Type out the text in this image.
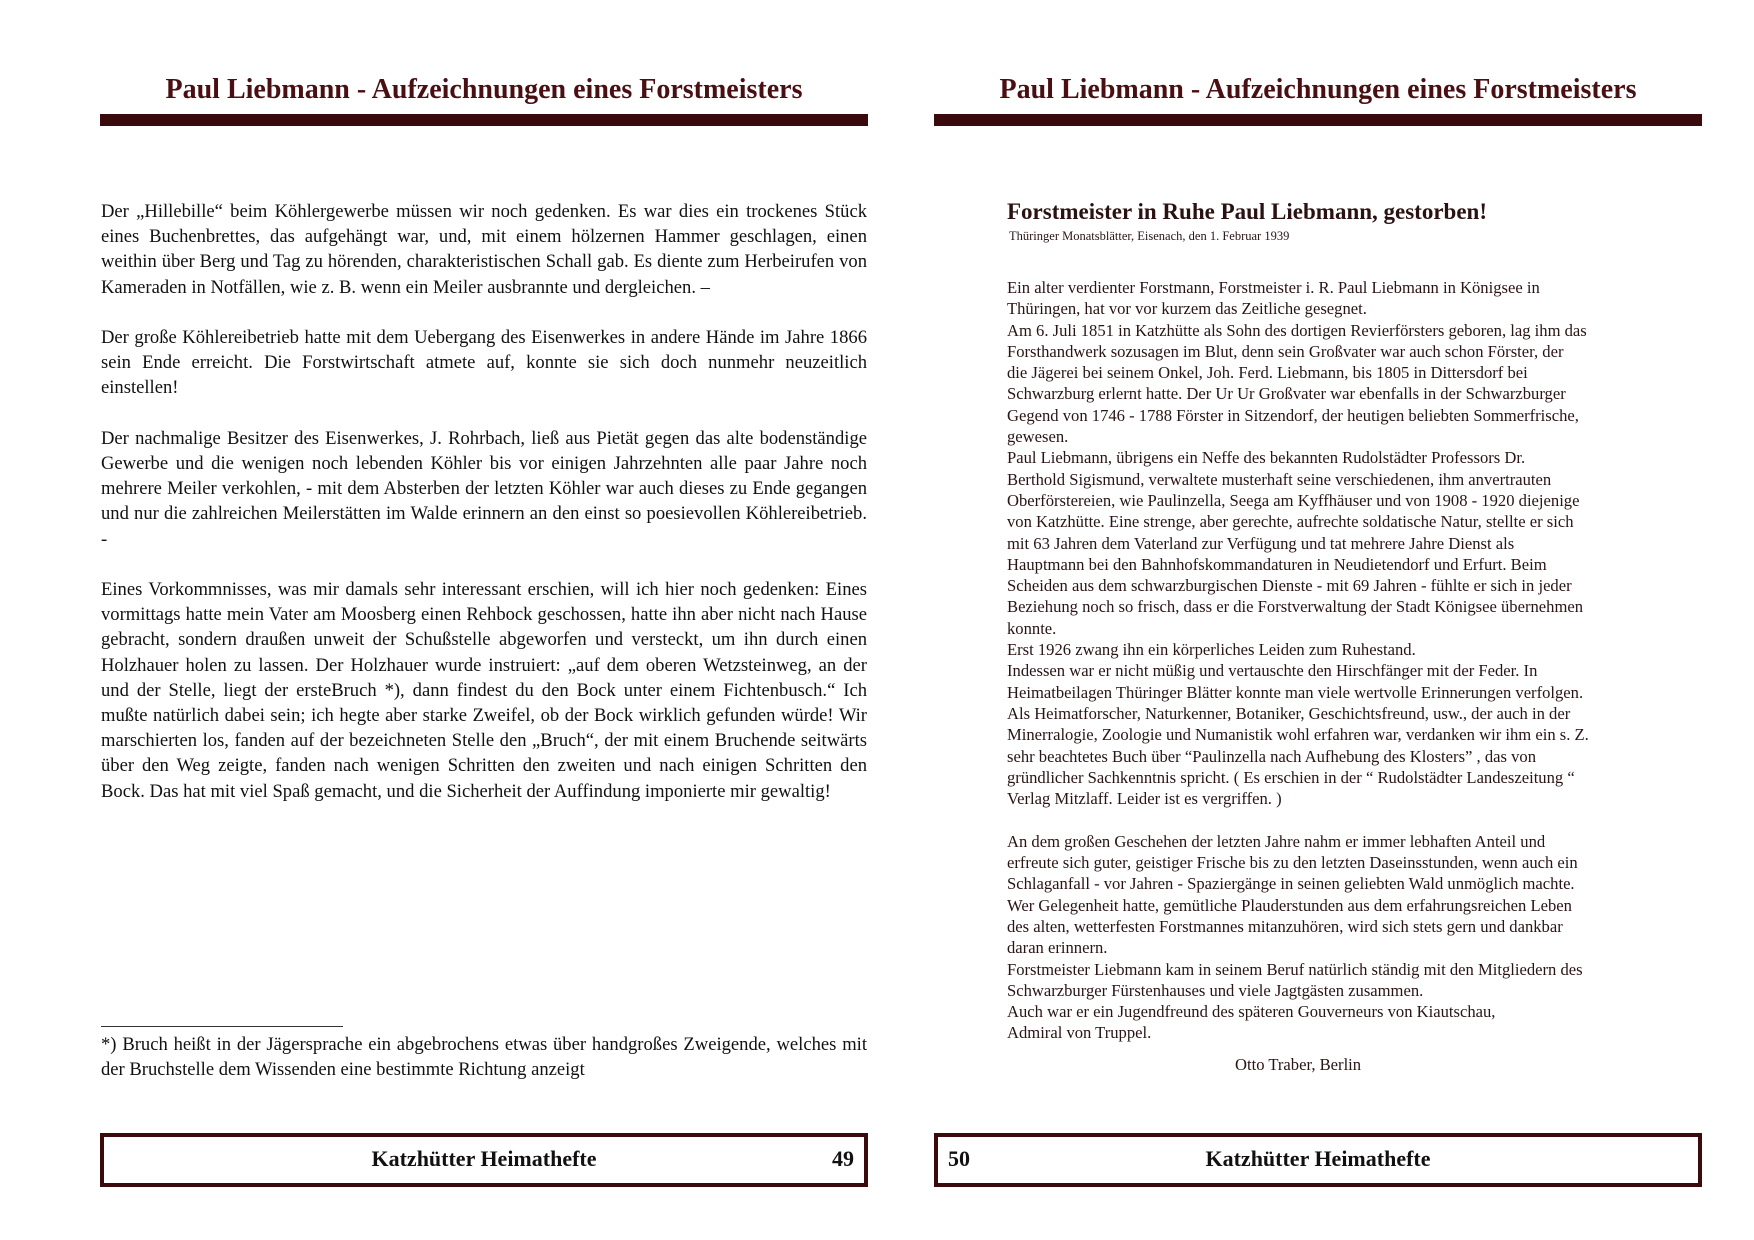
Paul Liebmann - Aufzeichnungen eines Forstmeisters

Der „Hillebille“ beim Köhlergewerbe müssen wir noch gedenken. Es war dies ein trockenes Stück eines Buchenbrettes, das aufgehängt war, und, mit einem hölzernen Hammer geschlagen, einen weithin über Berg und Tag zu hörenden, charakteristischen Schall gab. Es diente zum Herbeirufen von Kameraden in Notfällen, wie z. B. wenn ein Meiler ausbrannte und dergleichen. –

Der große Köhlereibetrieb hatte mit dem Uebergang des Eisenwerkes in andere Hände im Jahre 1866 sein Ende erreicht. Die Forstwirtschaft atmete auf, konnte sie sich doch nunmehr neuzeitlich einstellen!

Der nachmalige Besitzer des Eisenwerkes, J. Rohrbach, ließ aus Pietät gegen das alte bodenständige Gewerbe und die wenigen noch lebenden Köhler bis vor einigen Jahrzehnten alle paar Jahre noch mehrere Meiler verkohlen, - mit dem Absterben der letzten Köhler war auch dieses zu Ende gegangen und nur die zahlreichen Meilerstätten im Walde erinnern an den einst so poesievollen Köhlereibetrieb. -

Eines Vorkommnisses, was mir damals sehr interessant erschien, will ich hier noch gedenken: Eines vormittags hatte mein Vater am Moosberg einen Rehbock geschossen, hatte ihn aber nicht nach Hause gebracht, sondern draußen unweit der Schußstelle abgeworfen und versteckt, um ihn durch einen Holzhauer holen zu lassen. Der Holzhauer wurde instruiert: „auf dem oberen Wetzsteinweg, an der und der Stelle, liegt der ersteBruch *), dann findest du den Bock unter einem Fichtenbusch.“ Ich mußte natürlich dabei sein; ich hegte aber starke Zweifel, ob der Bock wirklich gefunden würde! Wir marschierten los, fanden auf der bezeichneten Stelle den „Bruch“, der mit einem Bruchende seitwärts über den Weg zeigte, fanden nach wenigen Schritten den zweiten und nach einigen Schritten den Bock. Das hat mit viel Spaß gemacht, und die Sicherheit der Auffindung imponierte mir gewaltig!

*) Bruch heißt in der Jägersprache ein abgebrochens etwas über handgroßes Zweigende, welches mit der Bruchstelle dem Wissenden eine bestimmte Richtung anzeigt

Katzhütter Heimathefte	49
Paul Liebmann - Aufzeichnungen eines Forstmeisters
Forstmeister in Ruhe Paul Liebmann, gestorben!
Thüringer Monatsblätter, Eisenach, den 1. Februar 1939
Ein alter verdienter Forstmann, Forstmeister i. R. Paul Liebmann in Königsee in
Thüringen, hat vor vor kurzem das Zeitliche gesegnet.
Am 6. Juli 1851 in Katzhütte als Sohn des dortigen Revierförsters geboren, lag ihm das
Forsthandwerk sozusagen im Blut, denn sein Großvater war auch schon Förster, der
die Jägerei bei seinem Onkel, Joh. Ferd. Liebmann, bis 1805 in Dittersdorf bei
Schwarzburg erlernt hatte. Der Ur Ur Großvater war ebenfalls in der Schwarzburger
Gegend von 1746 - 1788 Förster in Sitzendorf, der heutigen beliebten Sommerfrische,
gewesen.
Paul Liebmann, übrigens ein Neffe des bekannten Rudolstädter Professors Dr.
Berthold Sigismund, verwaltete musterhaft seine verschiedenen, ihm anvertrauten
Oberförstereien, wie Paulinzella, Seega am Kyffhäuser und von 1908 - 1920 diejenige
von Katzhütte. Eine strenge, aber gerechte, aufrechte soldatische Natur, stellte er sich
mit 63 Jahren dem Vaterland zur Verfügung und tat mehrere Jahre Dienst als
Hauptmann bei den Bahnhofskommandaturen in Neudietendorf und Erfurt. Beim
Scheiden aus dem schwarzburgischen Dienste - mit 69 Jahren - fühlte er sich in jeder
Beziehung noch so frisch, dass er die Forstverwaltung der Stadt Königsee übernehmen
konnte.
Erst 1926 zwang ihn ein körperliches Leiden zum Ruhestand.
Indessen war er nicht müßig und vertauschte den Hirschfänger mit der Feder. In
Heimatbeilagen Thüringer Blätter konnte man viele wertvolle Erinnerungen verfolgen.
Als Heimatforscher, Naturkenner, Botaniker, Geschichtsfreund, usw., der auch in der
Minerralogie, Zoologie und Numanistik wohl erfahren war, verdanken wir ihm ein s. Z.
sehr beachtetes Buch über “Paulinzella nach Aufhebung des Klosters” , das von
gründlicher Sachkenntnis spricht. ( Es erschien in der “ Rudolstädter Landeszeitung “
Verlag Mitzlaff. Leider ist es vergriffen. )
An dem großen Geschehen der letzten Jahre nahm er immer lebhaften Anteil und
erfreute sich guter, geistiger Frische bis zu den letzten Daseinsstunden, wenn auch ein
Schlaganfall - vor Jahren - Spaziergänge in seinen geliebten Wald unmöglich machte.
Wer Gelegenheit hatte, gemütliche Plauderstunden aus dem erfahrungsreichen Leben
des alten, wetterfesten Forstmannes mitanzuhören, wird sich stets gern und dankbar
daran erinnern.
Forstmeister Liebmann kam in seinem Beruf natürlich ständig mit den Mitgliedern des
Schwarzburger Fürstenhauses und viele Jagtgästen zusammen.
Auch war er ein Jugendfreund des späteren Gouverneurs von Kiautschau,
Admiral von Truppel.
Otto Traber, Berlin
50	Katzhütter Heimathefte
